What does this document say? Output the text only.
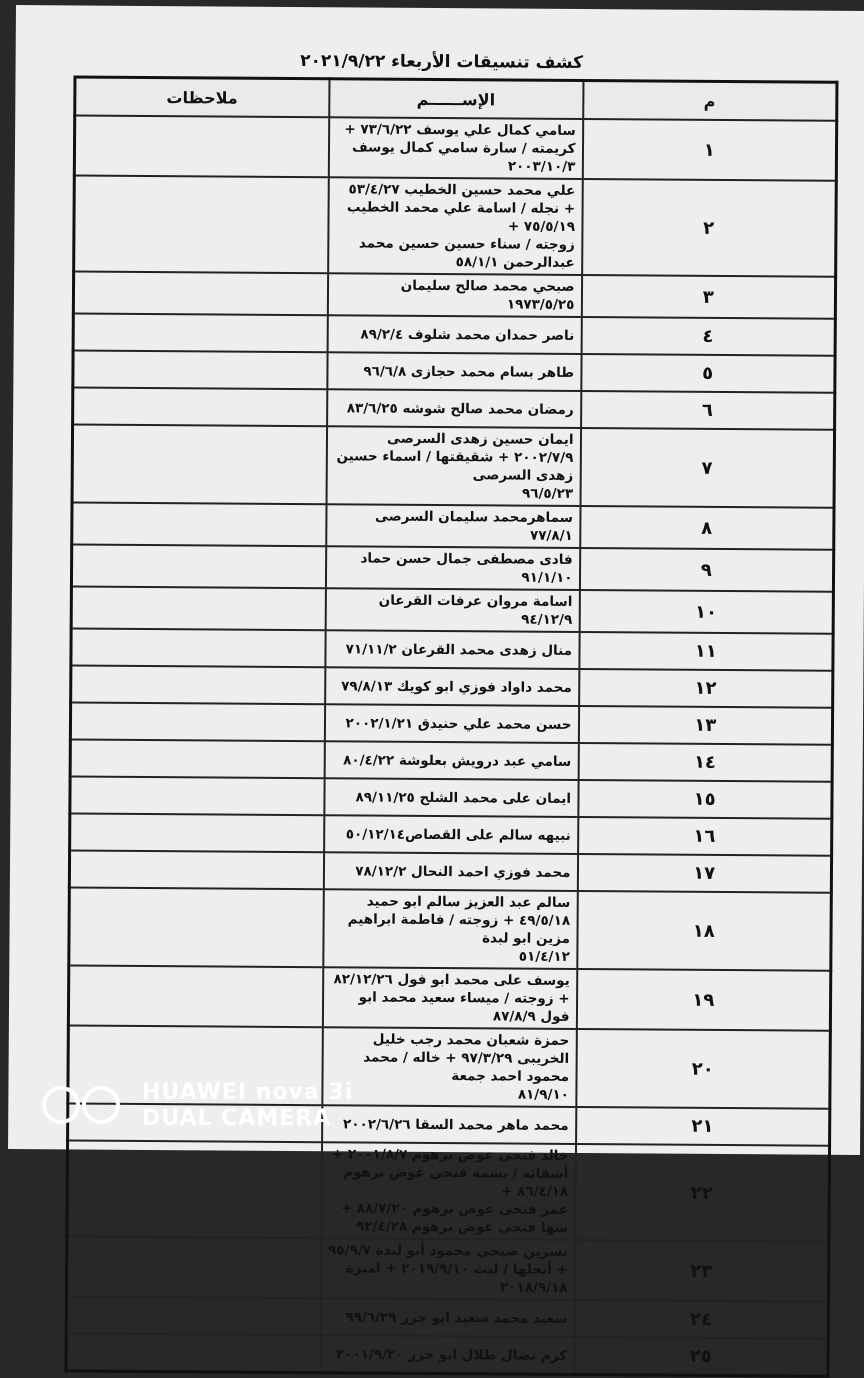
كشف تنسيقات الأربعاء ٢٠٢١/٩/٢٢
م	الإســــــم	ملاحظات
١	سامي كمال علي يوسف ٧٣/٦/٢٢ + كريمته / سارة سامي كمال يوسف ٢٠٠٣/١٠/٣	

٢	علي محمد حسين الخطيب ٥٣/٤/٢٧ + نجله / اسامة علي محمد الخطيب ٧٥/٥/١٩ +
زوجته / سناء حسين حسين محمد عبدالرحمن ٥٨/١/١	

٣	صبحي محمد صالح سليمان ١٩٧٣/٥/٢٥	

٤	ناصر حمدان محمد شلوف ٨٩/٢/٤	

٥	طاهر بسام محمد حجازى ٩٦/٦/٨	

٦	رمضان محمد صالح شوشه ٨٣/٦/٢٥	

٧	ايمان حسين زهدى السرصى ٢٠٠٢/٧/٩ + شقيقتها / اسماء حسين زهدى السرصى
٩٦/٥/٢٣	

٨	سماهرمحمد سليمان السرصى ٧٧/٨/١	

٩	فادى مصطفى جمال حسن حماد ٩١/١/١٠	

١٠	اسامة مروان عرفات القرعان ٩٤/١٢/٩	

١١	منال زهدى محمد القرعان ٧١/١١/٢	

١٢	محمد داواد فوزي ابو كويك ٧٩/٨/١٣	

١٣	حسن محمد علي حنيدق ٢٠٠٢/١/٢١	

١٤	سامي عبد درويش بعلوشة ٨٠/٤/٢٢	

١٥	ايمان على محمد الشلح ٨٩/١١/٢٥	

١٦	نبيهه سالم على القصاص٥٠/١٢/١٤	

١٧	محمد فوزي احمد النحال ٧٨/١٢/٢	

١٨	سالم عبد العزيز سالم ابو حميد ٤٩/٥/١٨ + زوجته / فاطمة ابراهيم مزين ابو لبدة
٥١/٤/١٢	

١٩	يوسف على محمد ابو فول ٨٢/١٢/٢٦ + زوجته / ميساء سعيد محمد ابو فول ٨٧/٨/٩	

٢٠	حمزة شعبان محمد رجب خليل الخريبى ٩٧/٣/٢٩ + خاله / محمد محمود احمد جمعة
٨١/٩/١٠	

٢١	محمد ماهر محمد السقا ٢٠٠٢/٦/٢٦	

٢٢	خالد فتحي عوض برهوم ٢٠٠١/٨/٧ + أشقائه / بسمه فتحي عوض برهوم ٨٦/٤/١٨ +
عمر فتحي عوض برهوم ٨٨/٧/٢٠ + سها فتحي عوض برهوم ٩٢/٤/٢٨	

٢٣	نسرين صبحي محمود أبو لبدة ٩٥/٩/٧ + أنجلها / ليث ٢٠١٩/٩/١٠ + اميرة
٢٠١٨/٩/١٨	

٢٤	سعيد محمد سعيد ابو جزر ٩٩/٦/٢٩	

٢٥	كرم نضال طلال ابو جزر ٢٠٠١/٩/٢٠	

HUAWEI nova 3i
DUAL CAMERA
